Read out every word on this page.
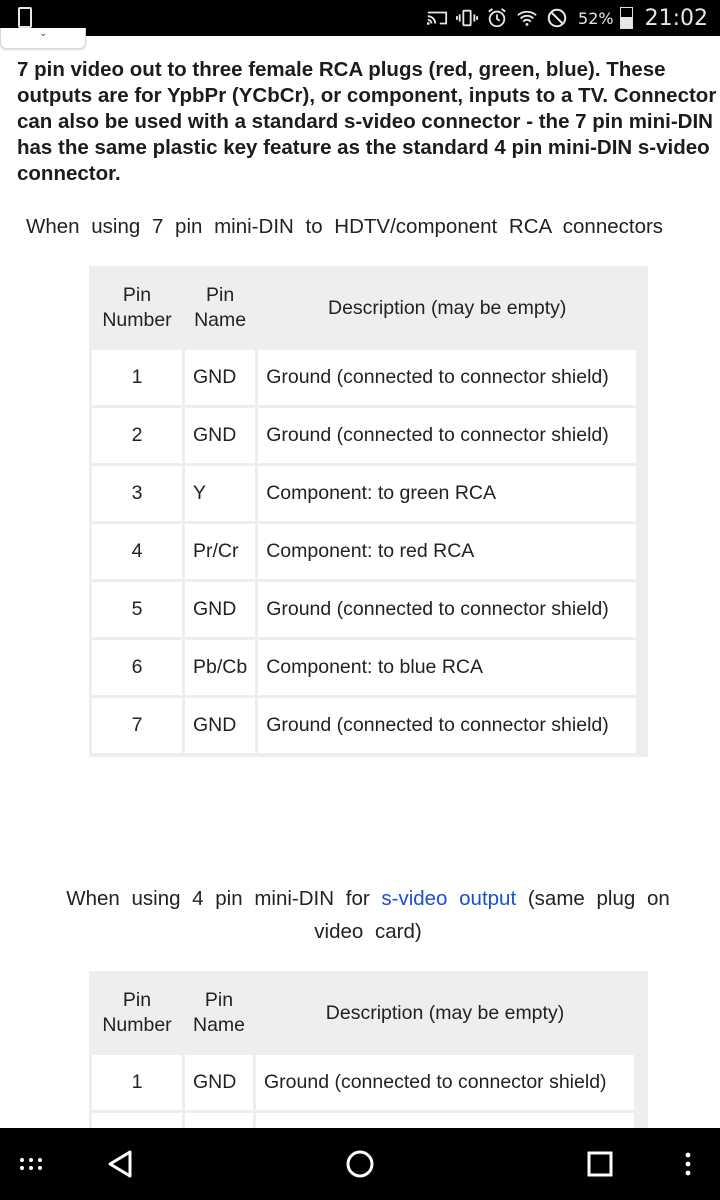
52% 21:02
⌄
7 pin video out to three female RCA plugs (red, green, blue). These outputs are for YpbPr (YCbCr), or component, inputs to a TV. Connector can also be used with a standard s-video connector - the 7 pin mini-DIN has the same plastic key feature as the standard 4 pin mini-DIN s-video connector.
When using 7 pin mini-DIN to HDTV/component RCA connectors
Pin Number	Pin Name	Description (may be empty)
1	GND	Ground (connected to connector shield)
2	GND	Ground (connected to connector shield)
3	Y	Component: to green RCA
4	Pr/Cr	Component: to red RCA
5	GND	Ground (connected to connector shield)
6	Pb/Cb	Component: to blue RCA
7	GND	Ground (connected to connector shield)
When using 4 pin mini-DIN for s-video output (same plug on video card)
Pin Number	Pin Name	Description (may be empty)
1	GND	Ground (connected to connector shield)
